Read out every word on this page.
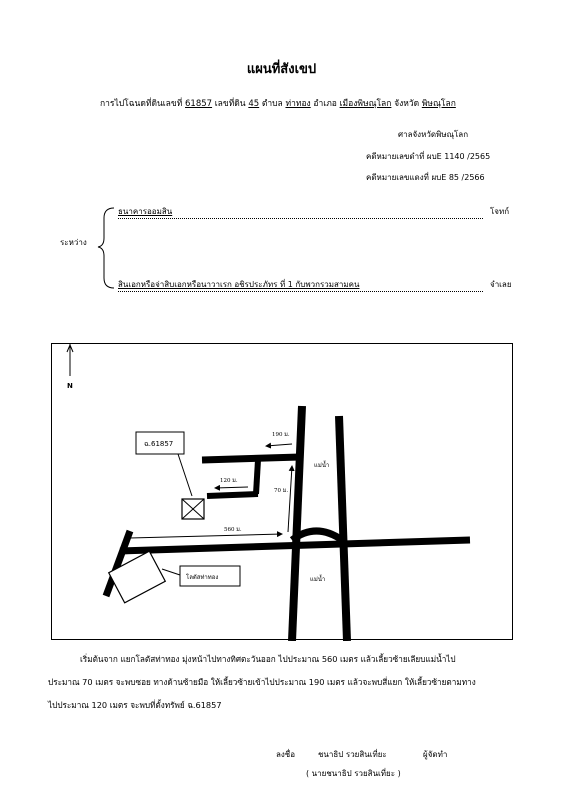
แผนที่สังเขป
การไปโฉนดที่ดินเลขที่ 61857 เลขที่ดิน 45 ตำบล ท่าทอง อำเภอ เมืองพิษณุโลก จังหวัด พิษณุโลก
ศาลจังหวัดพิษณุโลก
คดีหมายเลขดำที่ ผบE 1140 /2565
คดีหมายเลขแดงที่ ผบE 85 /2566
ระหว่าง
ธนาคารออมสิน	โจทก์
สินเอกหรือจ่าสิบเอกหรือนาวาเรก อชิรประภัทร ที่ 1 กับพวกรวมสามคน	จำเลย
N
ฉ.61857
โลตัสท่าทอง
190 ม.
120 ม.
70 ม.
560 ม.
แม่น้ำ
แม่น้ำ
เริ่มต้นจาก แยกโลตัสท่าทอง มุ่งหน้าไปทางทิศตะวันออก ไปประมาณ 560 เมตร แล้วเลี้ยวซ้ายเลียบแม่น้ำไป
ประมาณ 70 เมตร จะพบซอย ทางด้านซ้ายมือ ให้เลี้ยวซ้ายเข้าไปประมาณ 190 เมตร แล้วจะพบสี่แยก ให้เลี้ยวซ้ายตามทาง
ไปประมาณ 120 เมตร จะพบที่ตั้งทรัพย์ ฉ.61857
ลงชื่อ	ชนาธิป รวยสินเที่ยะ	ผู้จัดทำ
( นายชนาธิป รวยสินเที่ยะ )
